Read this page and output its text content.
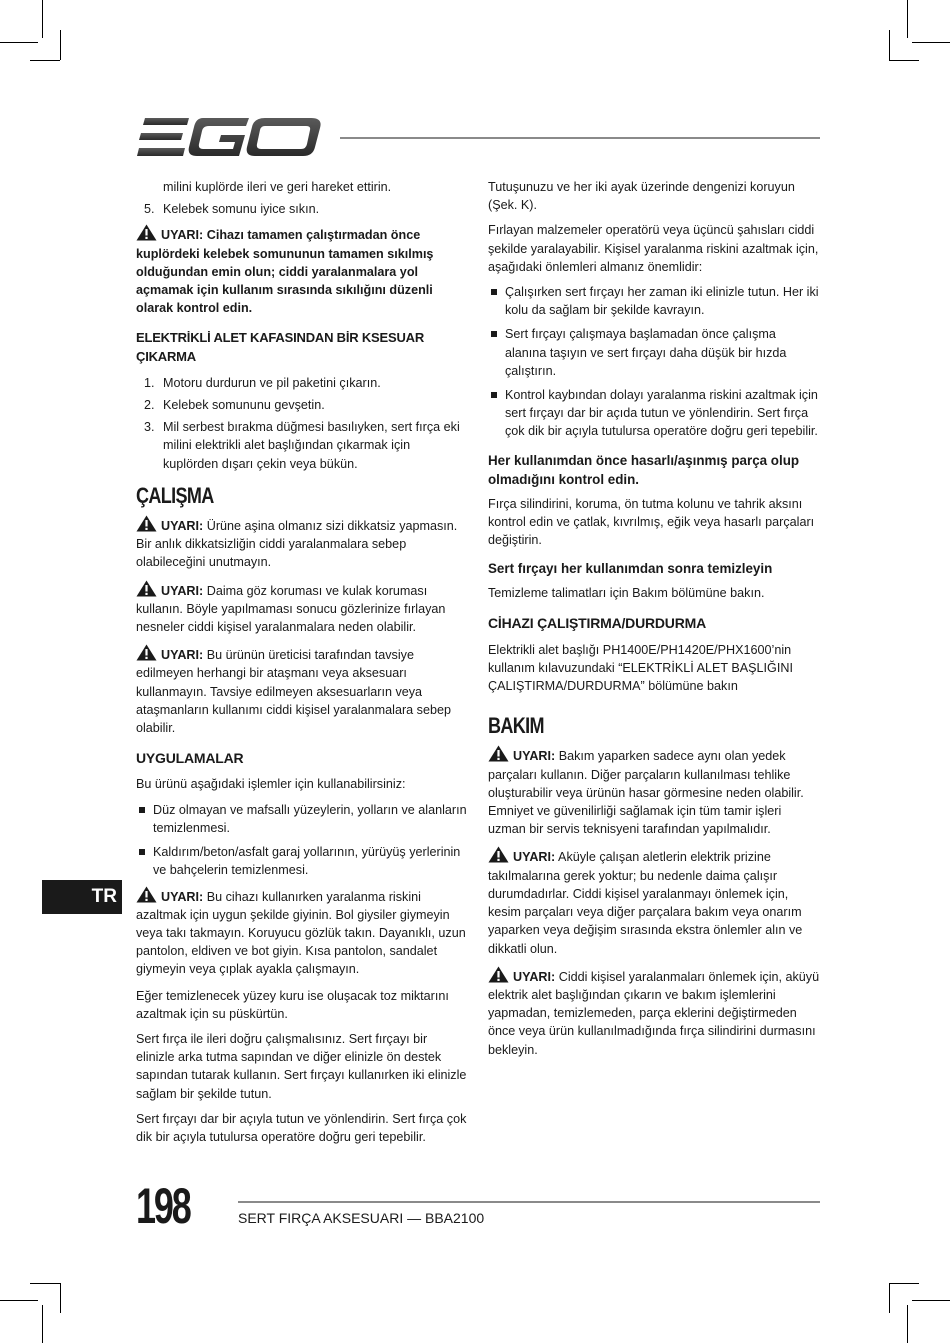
milini kuplörde ileri ve geri hareket ettirin.
5. Kelebek somunu iyice sıkın.

UYARI: Cihazı tamamen çalıştırmadan önce kuplördeki kelebek somununun tamamen sıkılmış olduğundan emin olun; ciddi yaralanmalara yol açmamak için kullanım sırasında sıkılığını düzenli olarak kontrol edin.

ELEKTRİKLİ ALET KAFASINDAN BİR KSESUAR ÇIKARMA
1. Motoru durdurun ve pil paketini çıkarın.
2. Kelebek somununu gevşetin.
3. Mil serbest bırakma düğmesi basılıyken, sert fırça eki milini elektrikli alet başlığından çıkarmak için kuplörden dışarı çekin veya bükün.
ÇALIŞMA

UYARI: Ürüne aşina olmanız sizi dikkatsiz yapmasın. Bir anlık dikkatsizliğin ciddi yaralanmalara sebep olabileceğini unutmayın.

UYARI: Daima göz koruması ve kulak koruması kullanın. Böyle yapılmaması sonucu gözlerinize fırlayan nesneler ciddi kişisel yaralanmalara neden olabilir.

UYARI: Bu ürünün üreticisi tarafından tavsiye edilmeyen herhangi bir ataşmanı veya aksesuarı kullanmayın. Tavsiye edilmeyen aksesuarların veya ataşmanların kullanımı ciddi kişisel yaralanmalara sebep olabilir.

UYGULAMALAR

Bu ürünü aşağıdaki işlemler için kullanabilirsiniz:

Düz olmayan ve mafsallı yüzeylerin, yolların ve alanların temizlenmesi.
Kaldırım/beton/asfalt garaj yollarının, yürüyüş yerlerinin ve bahçelerin temizlenmesi.

UYARI: Bu cihazı kullanırken yaralanma riskini azaltmak için uygun şekilde giyinin. Bol giysiler giymeyin veya takı takmayın. Koruyucu gözlük takın. Dayanıklı, uzun pantolon, eldiven ve bot giyin. Kısa pantolon, sandalet giymeyin veya çıplak ayakla çalışmayın.

Eğer temizlenecek yüzey kuru ise oluşacak toz miktarını azaltmak için su püskürtün.

Sert fırça ile ileri doğru çalışmalısınız. Sert fırçayı bir elinizle arka tutma sapından ve diğer elinizle ön destek sapından tutarak kullanın. Sert fırçayı kullanırken iki elinizle sağlam bir şekilde tutun.

Sert fırçayı dar bir açıyla tutun ve yönlendirin. Sert fırça çok dik bir açıyla tutulursa operatöre doğru geri tepebilir.

Tutuşunuzu ve her iki ayak üzerinde dengenizi koruyun (Şek. K).

Fırlayan malzemeler operatörü veya üçüncü şahısları ciddi şekilde yaralayabilir. Kişisel yaralanma riskini azaltmak için, aşağıdaki önlemleri almanız önemlidir:

Çalışırken sert fırçayı her zaman iki elinizle tutun. Her iki kolu da sağlam bir şekilde kavrayın.
Sert fırçayı çalışmaya başlamadan önce çalışma alanına taşıyın ve sert fırçayı daha düşük bir hızda çalıştırın.
Kontrol kaybından dolayı yaralanma riskini azaltmak için sert fırçayı dar bir açıda tutun ve yönlendirin. Sert fırça çok dik bir açıyla tutulursa operatöre doğru geri tepebilir.
Her kullanımdan önce hasarlı/aşınmış parça olup olmadığını kontrol edin.

Fırça silindirini, koruma, ön tutma kolunu ve tahrik aksını kontrol edin ve çatlak, kıvrılmış, eğik veya hasarlı parçaları değiştirin.

Sert fırçayı her kullanımdan sonra temizleyin

Temizleme talimatları için Bakım bölümüne bakın.

CİHAZI ÇALIŞTIRMA/DURDURMA

Elektrikli alet başlığı PH1400E/PH1420E/PHX1600’nin kullanım kılavuzundaki “ELEKTRİKLİ ALET BAŞLIĞINI ÇALIŞTIRMA/DURDURMA” bölümüne bakın

BAKIM

UYARI: Bakım yaparken sadece aynı olan yedek parçaları kullanın. Diğer parçaların kullanılması tehlike oluşturabilir veya ürünün hasar görmesine neden olabilir. Emniyet ve güvenilirliği sağlamak için tüm tamir işleri uzman bir servis teknisyeni tarafından yapılmalıdır.

UYARI: Aküyle çalışan aletlerin elektrik prizine takılmalarına gerek yoktur; bu nedenle daima çalışır durumdadırlar. Ciddi kişisel yaralanmayı önlemek için, kesim parçaları veya diğer parçalara bakım veya onarım yaparken veya değişim sırasında ekstra önlemler alın ve dikkatli olun.

UYARI: Ciddi kişisel yaralanmaları önlemek için, aküyü elektrik alet başlığından çıkarın ve bakım işlemlerini yapmadan, temizlemeden, parça eklerini değiştirmeden önce veya ürün kullanılmadığında fırça silindirini durmasını bekleyin.

TR
198	SERT FIRÇA AKSESUARI — BBA2100
